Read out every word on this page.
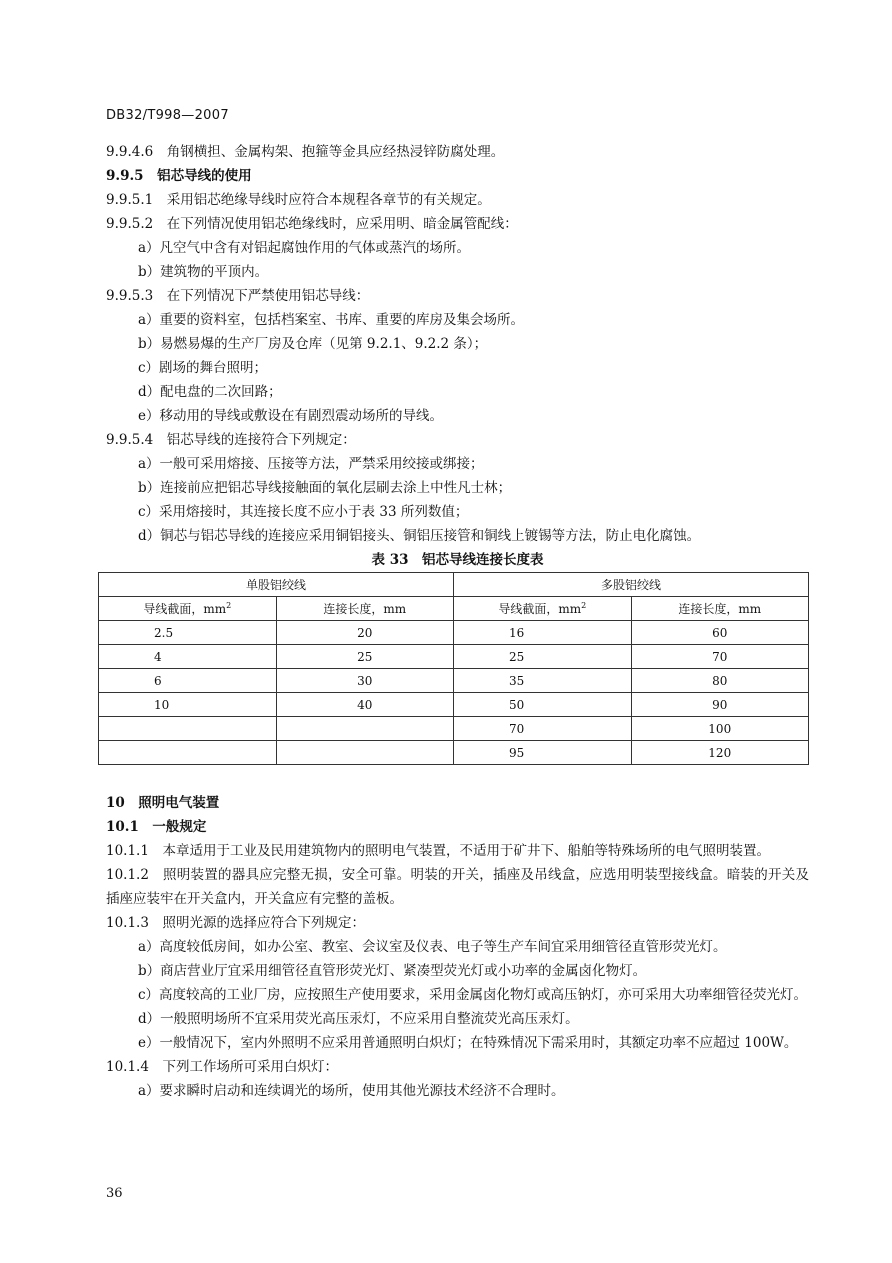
DB32/T998—2007
9.9.4.6　角钢横担、金属构架、抱箍等金具应经热浸锌防腐处理。
9.9.5　铝芯导线的使用
9.9.5.1　采用铝芯绝缘导线时应符合本规程各章节的有关规定。
9.9.5.2　在下列情况使用铝芯绝缘线时，应采用明、暗金属管配线：
a）凡空气中含有对铝起腐蚀作用的气体或蒸汽的场所。
b）建筑物的平顶内。
9.9.5.3　在下列情况下严禁使用铝芯导线：
a）重要的资料室，包括档案室、书库、重要的库房及集会场所。
b）易燃易爆的生产厂房及仓库（见第 9.2.1、9.2.2 条）；
c）剧场的舞台照明；
d）配电盘的二次回路；
e）移动用的导线或敷设在有剧烈震动场所的导线。
9.9.5.4　铝芯导线的连接符合下列规定：
a）一般可采用熔接、压接等方法，严禁采用绞接或绑接；
b）连接前应把铝芯导线接触面的氧化层刷去涂上中性凡士林；
c）采用熔接时，其连接长度不应小于表 33 所列数值；
d）铜芯与铝芯导线的连接应采用铜铝接头、铜铝压接管和铜线上镀锡等方法，防止电化腐蚀。
表 33　铝芯导线连接长度表
单股铝绞线		多股铝绞线	
导线截面，$mm^2$	连接长度，mm	导线截面，$mm^2$	连接长度，mm
2.5	20	16	60
4	25	25	70
6	30	35	80
10	40	50	90
		70	100
		95	120
10　照明电气装置
10.1　一般规定
10.1.1　本章适用于工业及民用建筑物内的照明电气装置，不适用于矿井下、船舶等特殊场所的电气照明装置。
10.1.2　照明装置的器具应完整无损，安全可靠。明装的开关，插座及吊线盒，应选用明装型接线盒。暗装的开关及插座应装牢在开关盒内，开关盒应有完整的盖板。
10.1.3　照明光源的选择应符合下列规定：
a）高度较低房间，如办公室、教室、会议室及仪表、电子等生产车间宜采用细管径直管形荧光灯。
b）商店营业厅宜采用细管径直管形荧光灯、紧凑型荧光灯或小功率的金属卤化物灯。
c）高度较高的工业厂房，应按照生产使用要求，采用金属卤化物灯或高压钠灯，亦可采用大功率细管径荧光灯。
d）一般照明场所不宜采用荧光高压汞灯，不应采用自整流荧光高压汞灯。
e）一般情况下，室内外照明不应采用普通照明白炽灯；在特殊情况下需采用时，其额定功率不应超过 100W。
10.1.4　下列工作场所可采用白炽灯：
a）要求瞬时启动和连续调光的场所，使用其他光源技术经济不合理时。
36
